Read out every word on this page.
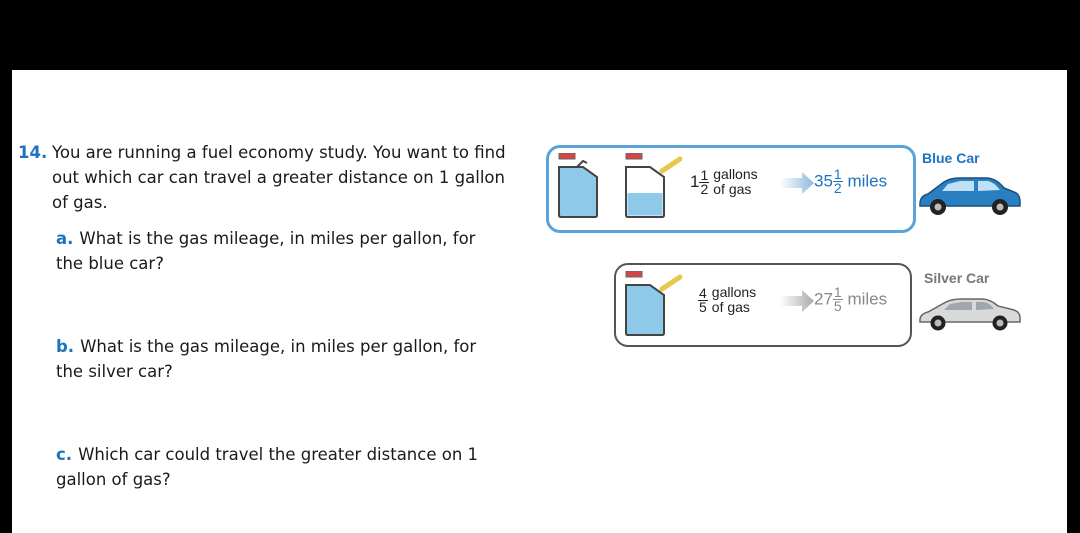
14. You are running a fuel economy study. You want to find out which car can travel a greater distance on 1 gallon of gas.
a. What is the gas mileage, in miles per gallon, for the blue car?
b. What is the gas mileage, in miles per gallon, for the silver car?
c. Which car could travel the greater distance on 1 gallon of gas?
$1 \frac{1}{2}$ gallons
of gas	$35 \frac{1}{2}$ miles
Blue Car
$\frac{4}{5}$ gallons
of gas	$27 \frac{1}{5}$ miles
Silver Car
